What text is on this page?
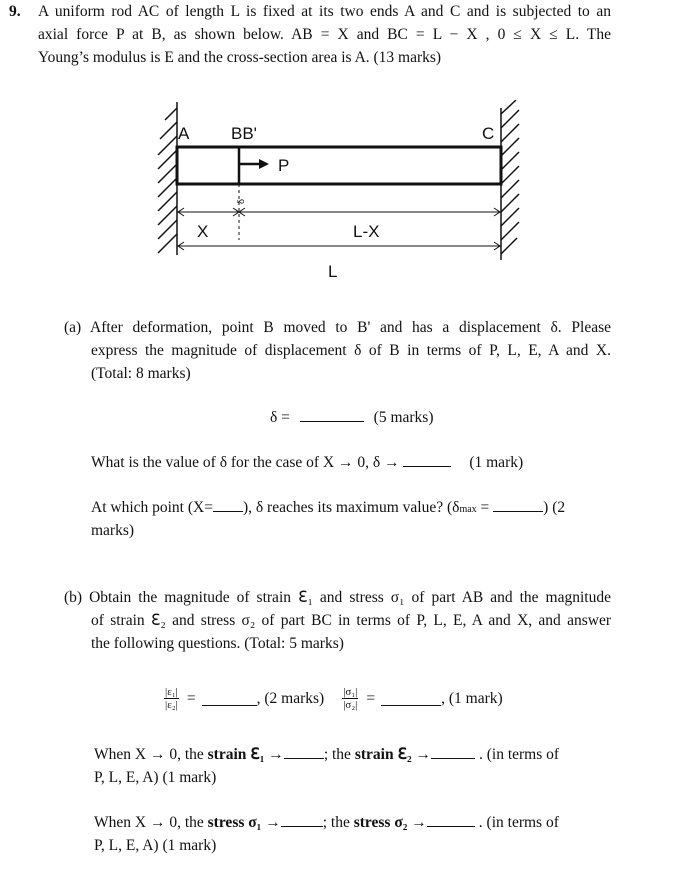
9. A uniform rod AC of length L is fixed at its two ends A and C and is subjected to an
axial force P at B, as shown below. AB = X and BC = L − X , 0 ≤ X ≤ L. The
Young’s modulus is E and the cross-section area is A. (13 marks)
A BB'	C
P
δ
X	L-X
L
(a) After deformation, point B moved to B' and has a displacement δ. Please
express the magnitude of displacement δ of B in terms of P, L, E, A and X.
(Total: 8 marks)
δ =	(5 marks)
What is the value of δ for the case of X → 0, δ →	(1 mark)
At which point (X= ), δ reaches its maximum value? (δmax =	) (2
marks)
(b) Obtain the magnitude of strain ℇ₁ and stress σ₁ of part AB and the magnitude
of strain ℇ₂ and stress σ₂ of part BC in terms of P, L, E, A and X, and answer
the following questions. (Total: 5 marks)
$\frac{\text{|ε₁|}}{\text{|ε₂|}}$ =	, (2 marks) $\frac{\text{|σ₁|}}{\text{|σ₂|}}$ =	, (1 mark)
When X → 0, the strain ℇ₁ →	; the strain ℇ₂ →	. (in terms of
P, L, E, A) (1 mark)
When X → 0, the stress σ₁ →	; the stress σ₂ →	. (in terms of
P, L, E, A) (1 mark)
